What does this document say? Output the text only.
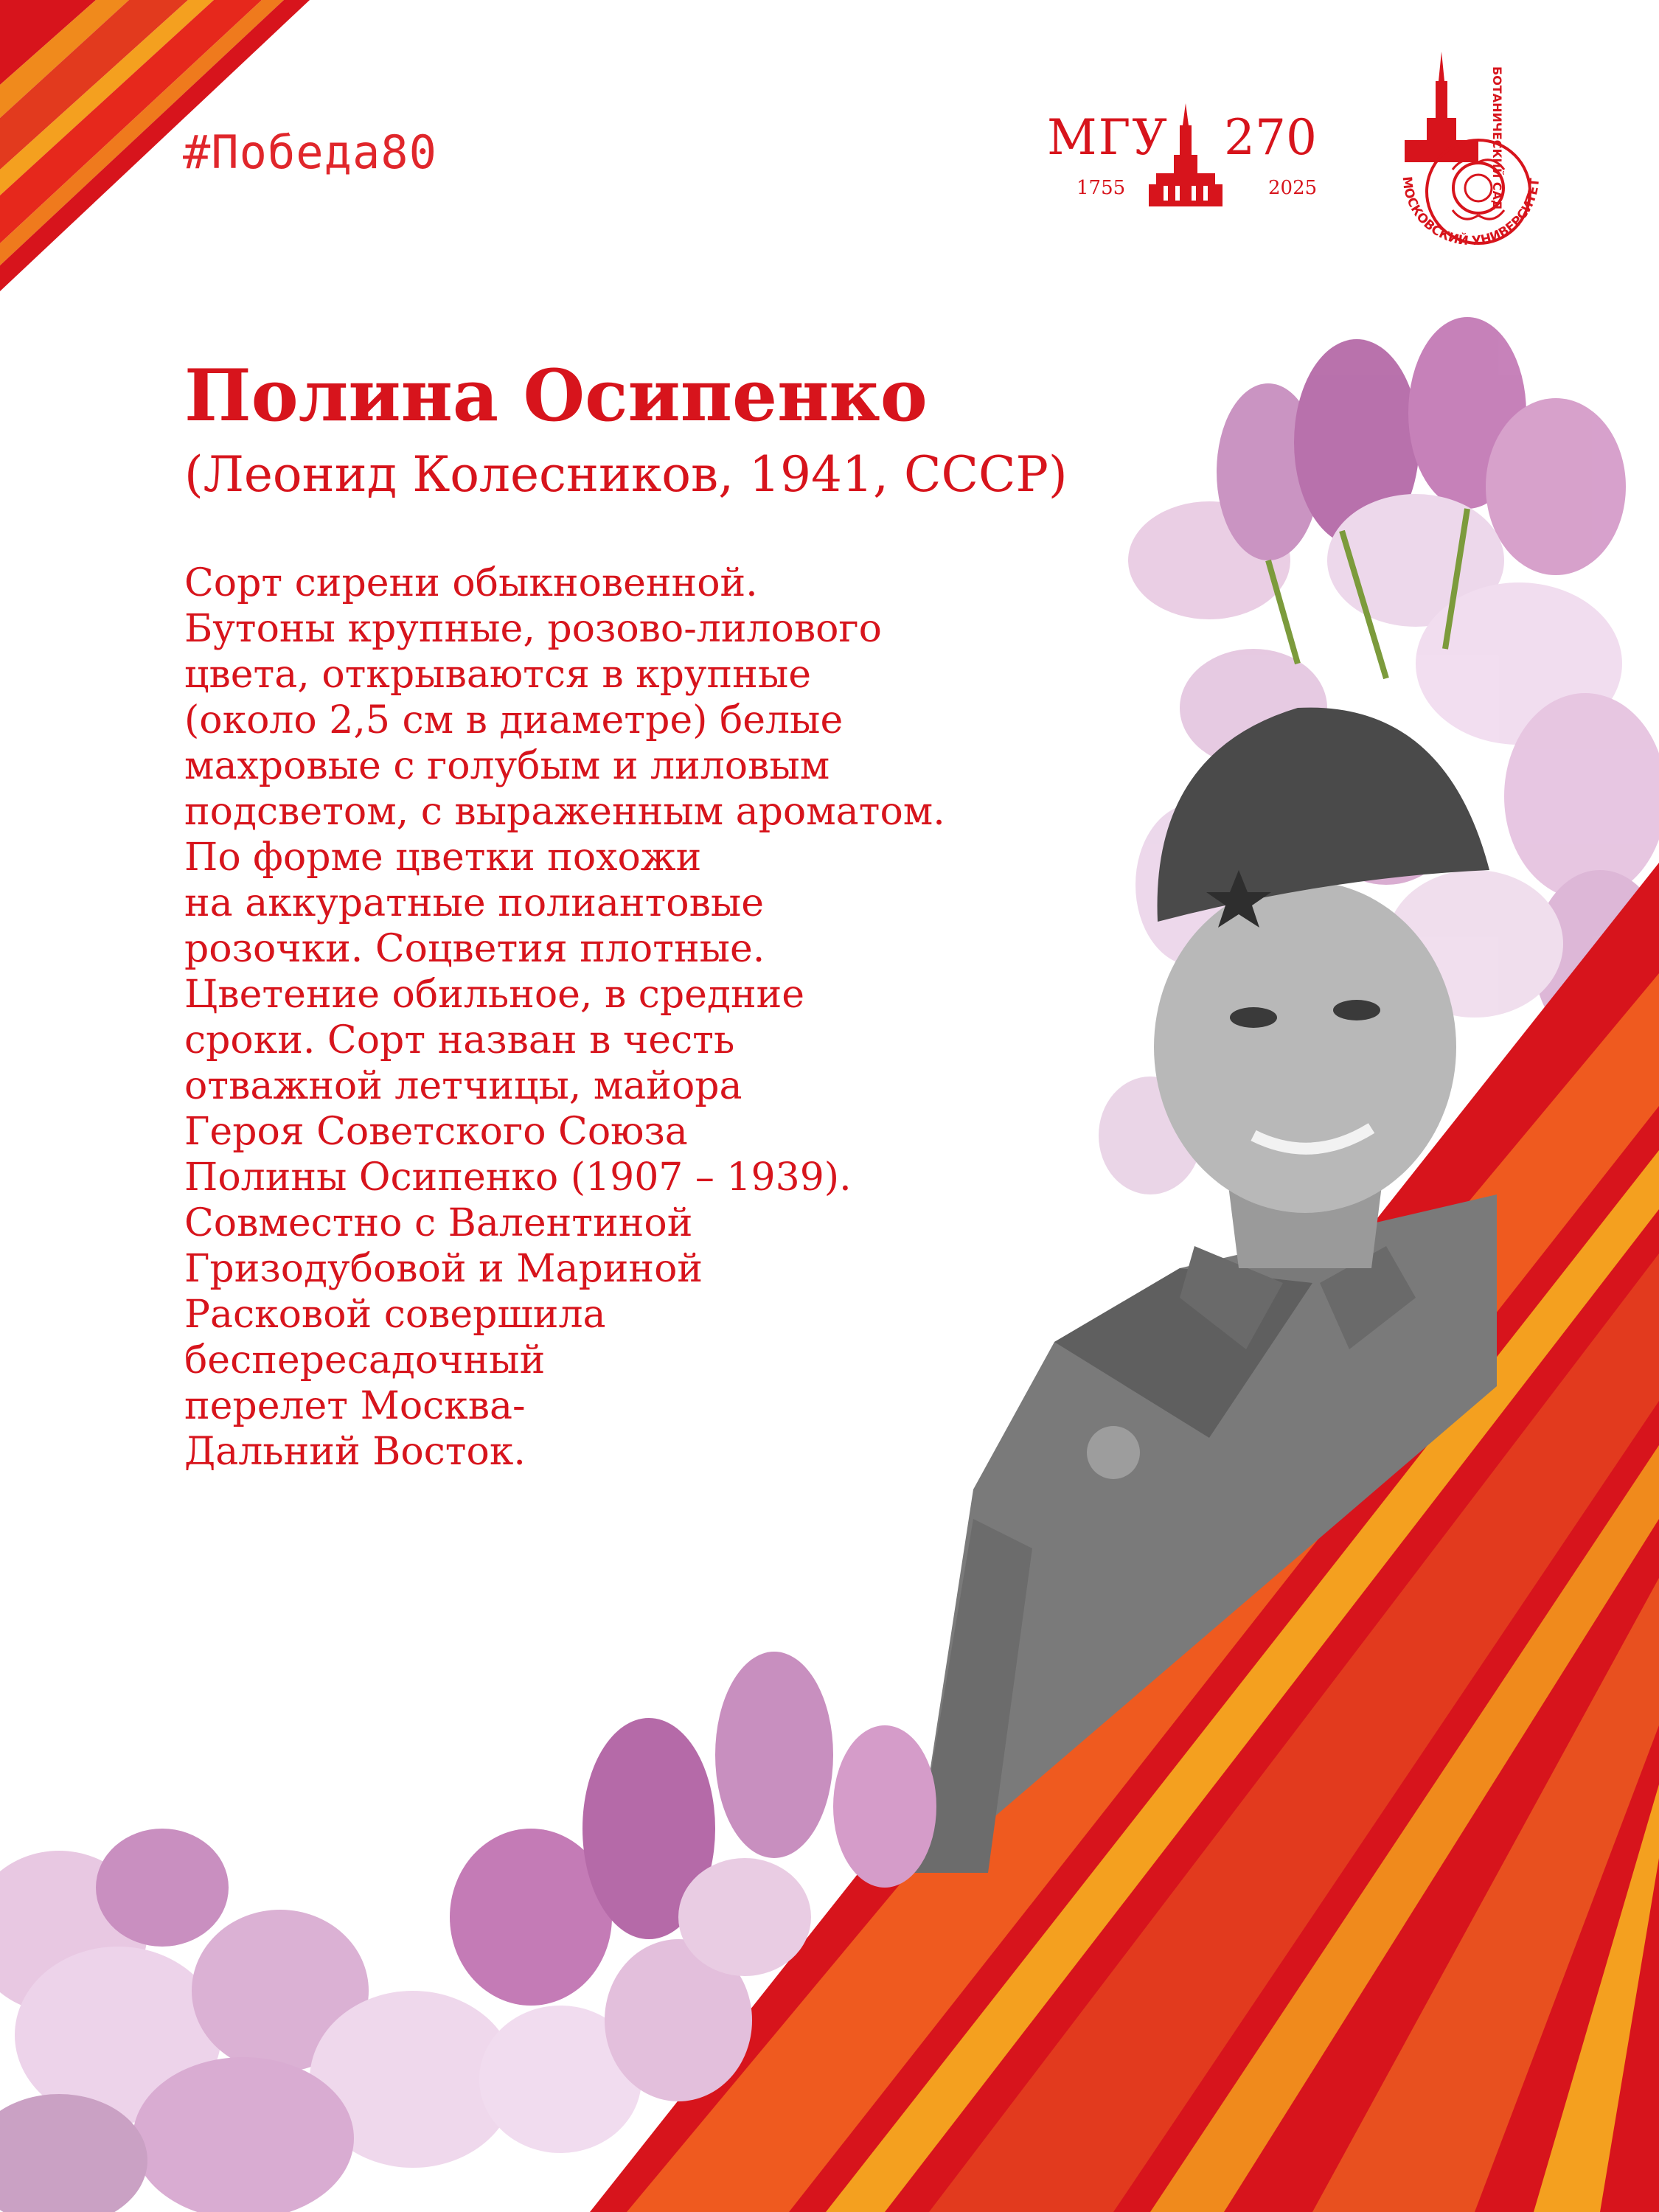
#Победа80	МГУ 270
1755	2025	МОСКОВСКИЙ УНИВЕРСИТЕТ
БОТАНИЧЕСКИЙ САД
Полина Осипенко
(Леонид Колесников, 1941, СССР)
Сорт сирени обыкновенной.
Бутоны крупные, розово-лилового
цвета, открываются в крупные
(около 2,5 см в диаметре) белые
махровые с голубым и лиловым
подсветом, с выраженным ароматом.
По форме цветки похожи
на аккуратные полиантовые
розочки. Соцветия плотные.
Цветение обильное, в средние
сроки. Сорт назван в честь
отважной летчицы, майора
Героя Советского Союза
Полины Осипенко (1907 – 1939).
Совместно с Валентиной
Гризодубовой и Мариной
Расковой совершила
беспересадочный
перелет Москва-
Дальний Восток.
